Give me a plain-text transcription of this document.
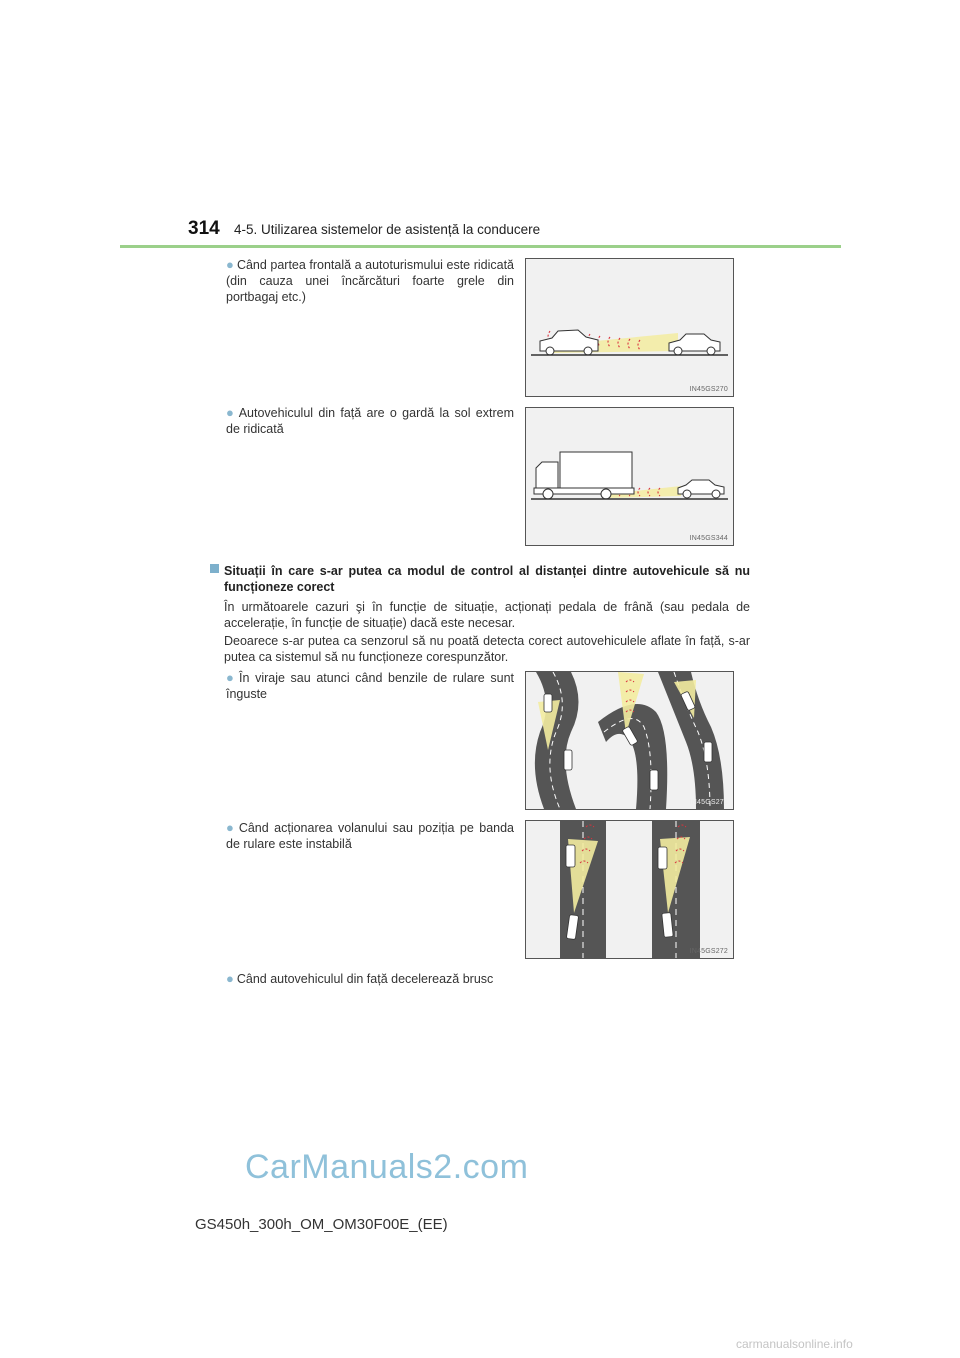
314 4-5. Utilizarea sistemelor de asistență la conducere
● Când partea frontală a autoturismului este ridicată (din cauza unei încărcături foarte grele din portbagaj etc.)
IN45GS270
● Autovehiculul din față are o gardă la sol extrem de ridicată
IN45GS344
Situații în care s-ar putea ca modul de control al distanței dintre autovehicule să nu funcționeze corect
În următoarele cazuri şi în funcție de situație, acționați pedala de frână (sau pedala de accelerație, în funcție de situație) dacă este necesar.
Deoarece s-ar putea ca senzorul să nu poată detecta corect autovehiculele aflate în față, s-ar putea ca sistemul să nu funcționeze corespunzător.
● În viraje sau atunci când benzile de rulare sunt înguste
IN45GS271
● Când acționarea volanului sau poziția pe banda de rulare este instabilă
IN45GS272
● Când autovehiculul din față decelerează brusc
CarManuals2.com
GS450h_300h_OM_OM30F00E_(EE)
carmanualsonline.info
